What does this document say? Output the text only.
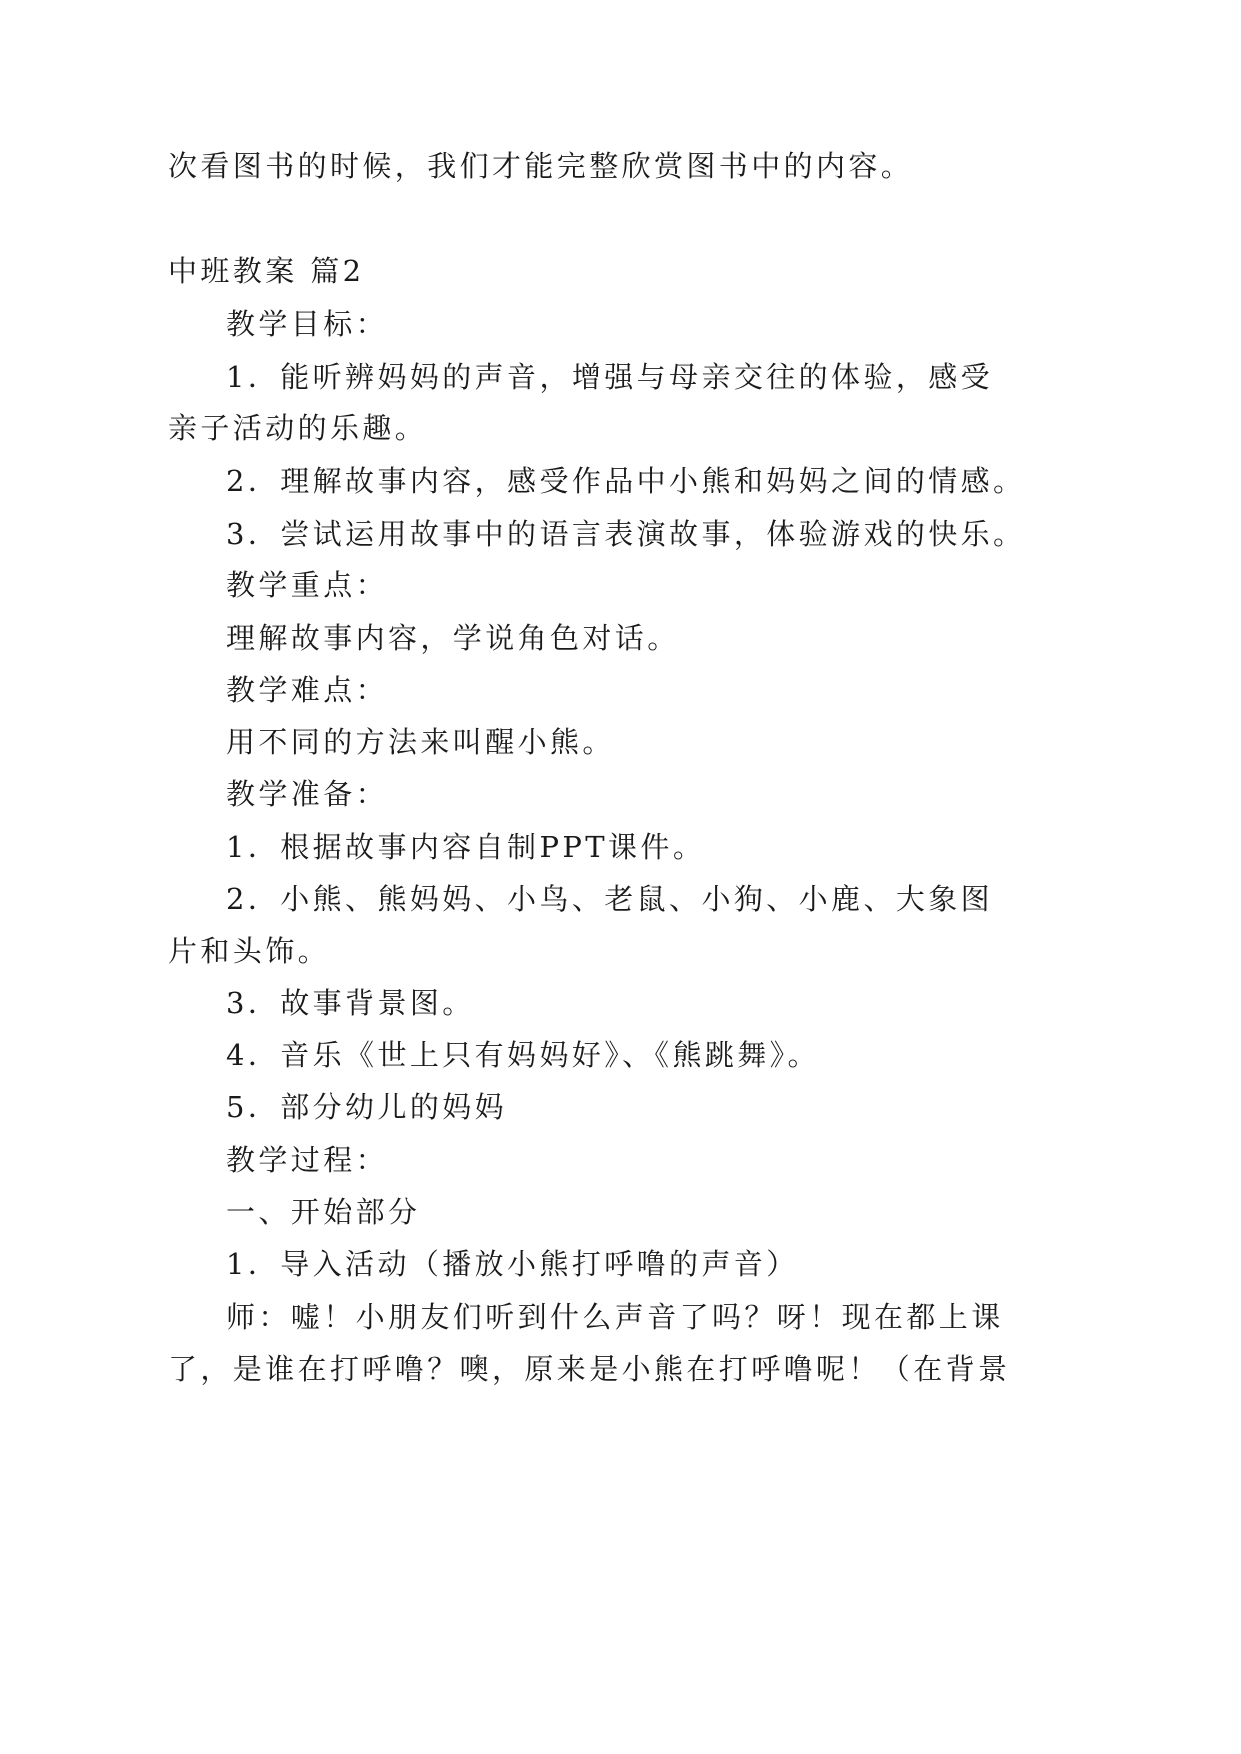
次看图书的时候，我们才能完整欣赏图书中的内容。
中班教案 篇2
教学目标：
1．能听辨妈妈的声音，增强与母亲交往的体验，感受
亲子活动的乐趣。
2．理解故事内容，感受作品中小熊和妈妈之间的情感。
3．尝试运用故事中的语言表演故事，体验游戏的快乐。
教学重点：
理解故事内容，学说角色对话。
教学难点：
用不同的方法来叫醒小熊。
教学准备：
1．根据故事内容自制PPT课件。
2．小熊、熊妈妈、小鸟、老鼠、小狗、小鹿、大象图
片和头饰。
3．故事背景图。
4．音乐《世上只有妈妈好》、《熊跳舞》。
5．部分幼儿的妈妈
教学过程：
一、开始部分
1．导入活动（播放小熊打呼噜的声音）
师：嘘！小朋友们听到什么声音了吗？呀！现在都上课
了，是谁在打呼噜？噢，原来是小熊在打呼噜呢！（在背景
